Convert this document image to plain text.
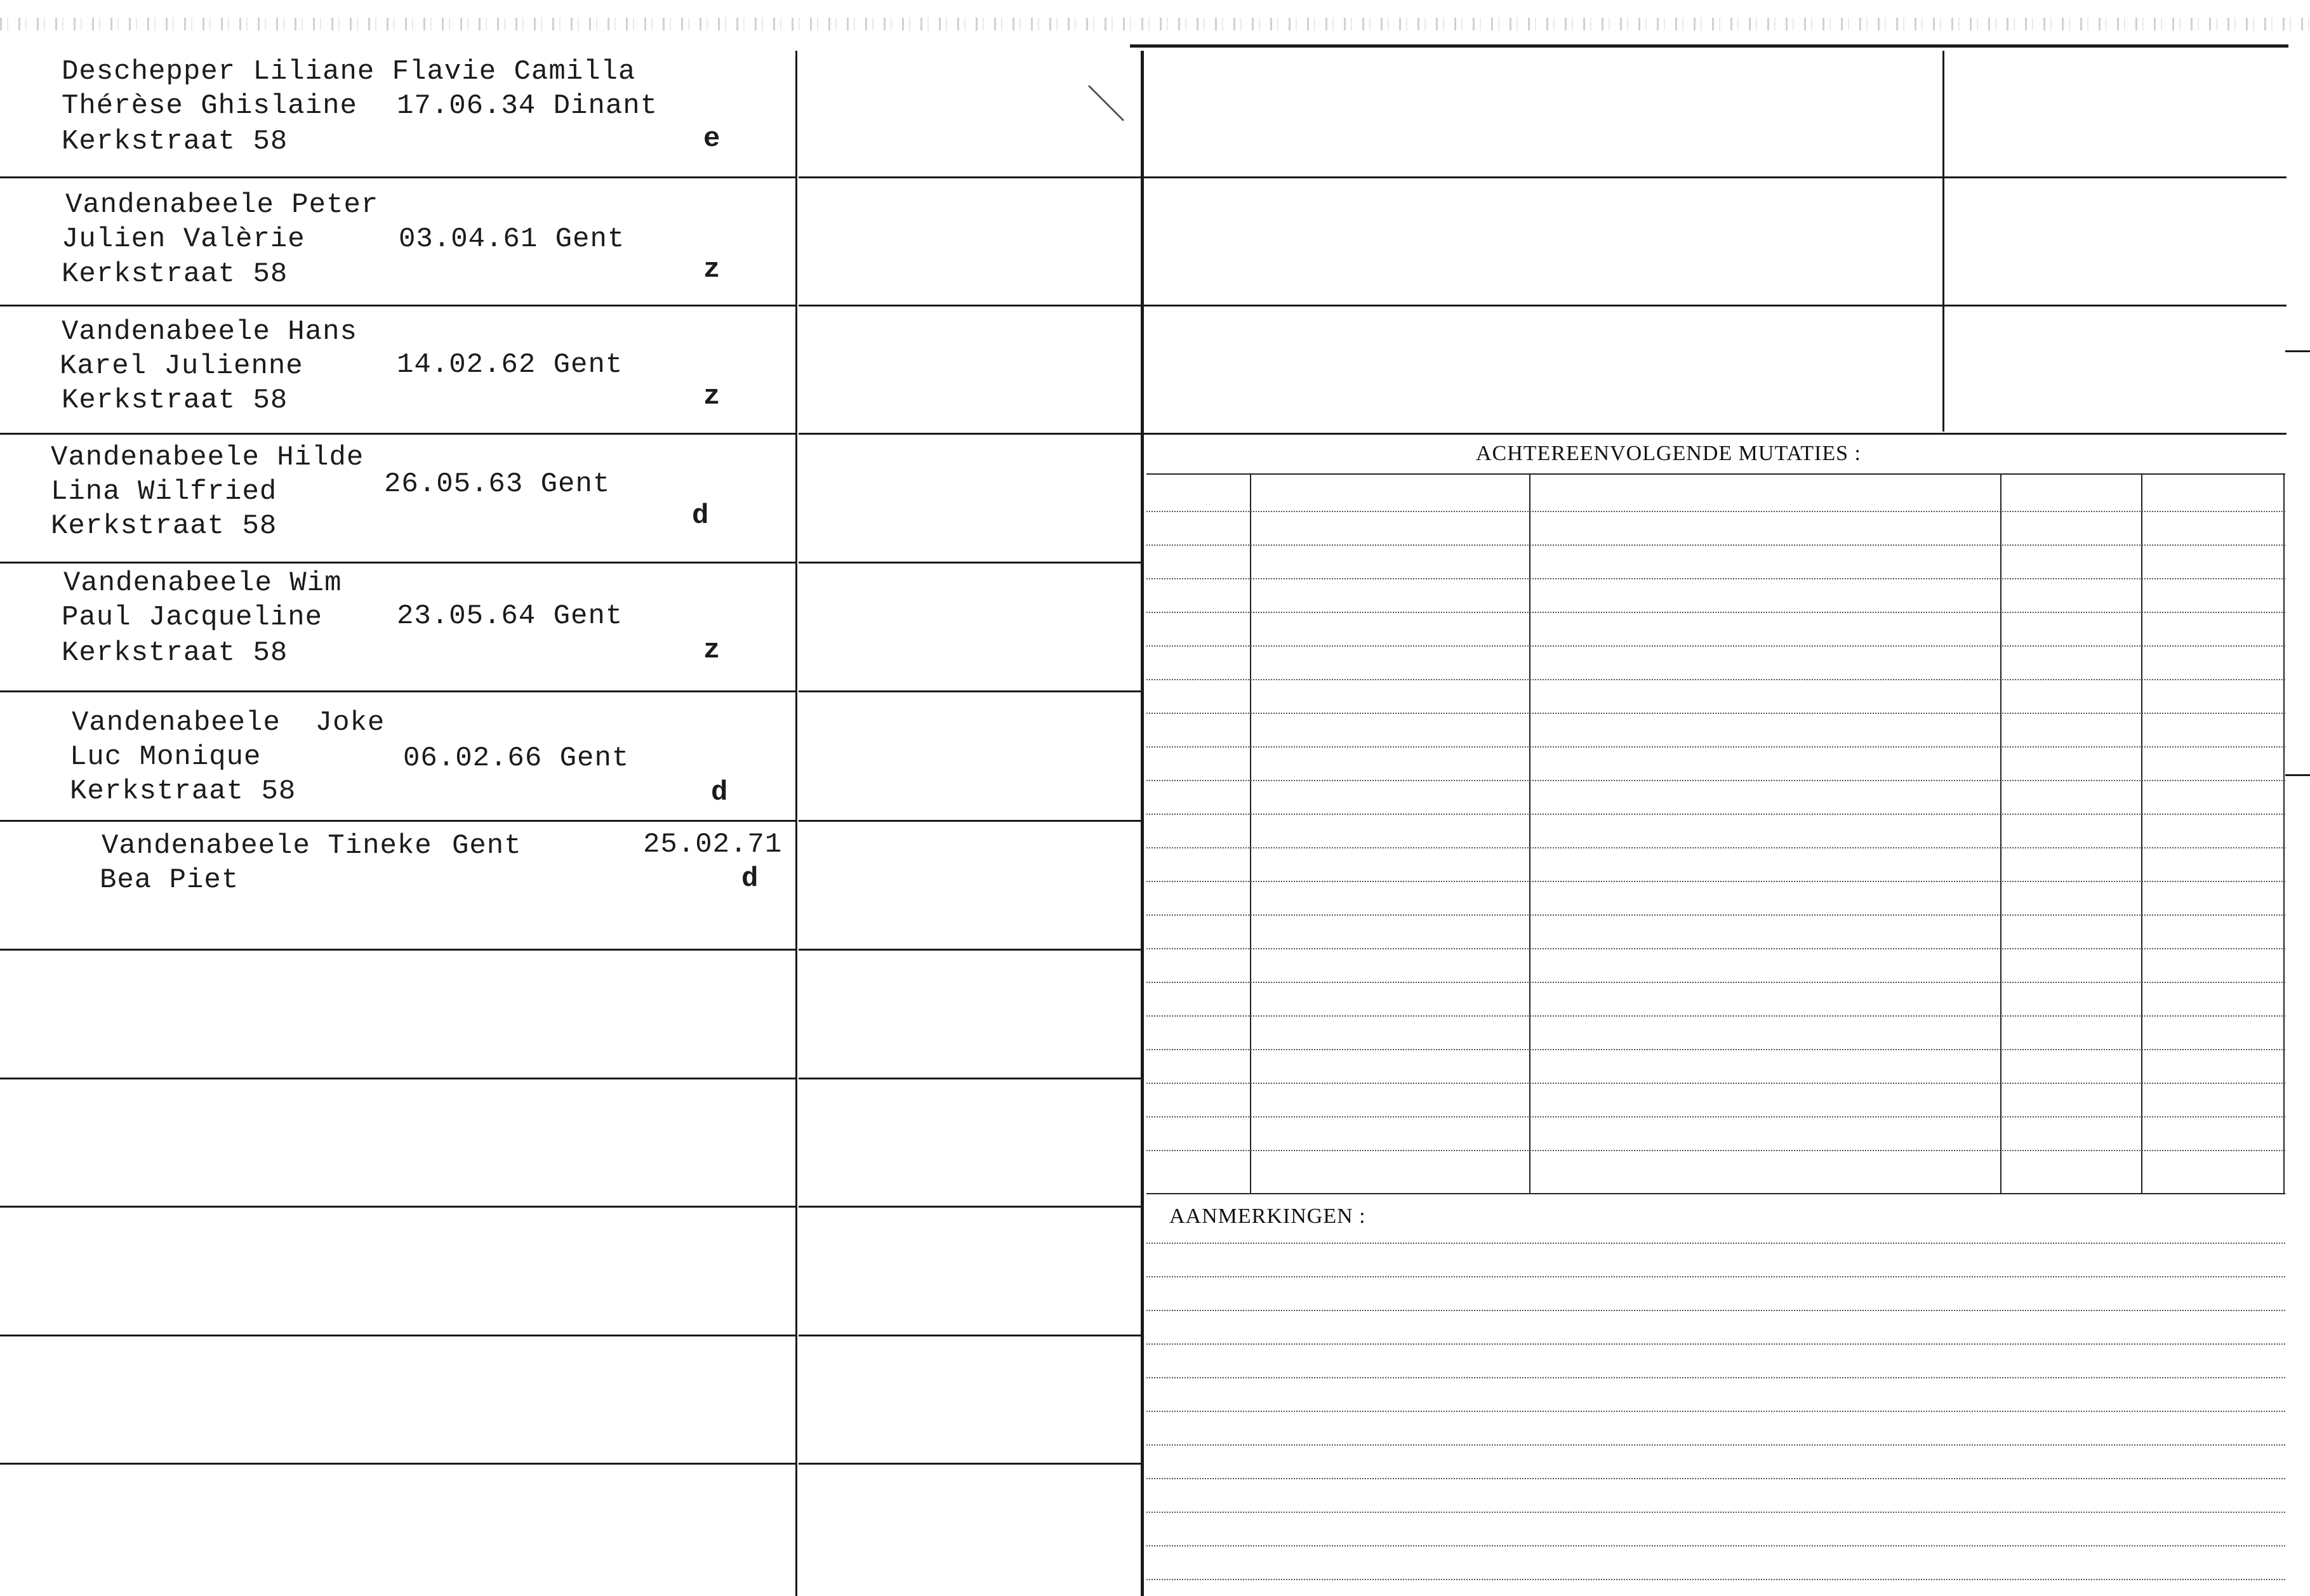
ACHTEREENVOLGENDE MUTATIES :
AANMERKINGEN :
Deschepper Liliane Flavie Camilla
Thérèse Ghislaine 17.06.34 Dinant
Kerkstraat 58	e
Vandenabeele Peter
Julien Valèrie	03.04.61 Gent
Kerkstraat 58	z
Vandenabeele Hans
Karel Julienne	14.02.62 Gent
Kerkstraat 58	z
Vandenabeele Hilde
Lina Wilfried	26.05.63 Gent
Kerkstraat 58	d
Vandenabeele Wim
Paul Jacqueline	23.05.64 Gent
Kerkstraat 58	z
Vandenabeele  Joke
Luc Monique	06.02.66 Gent
Kerkstraat 58	d
Vandenabeele Tineke Gent	25.02.71
Bea Piet	d
